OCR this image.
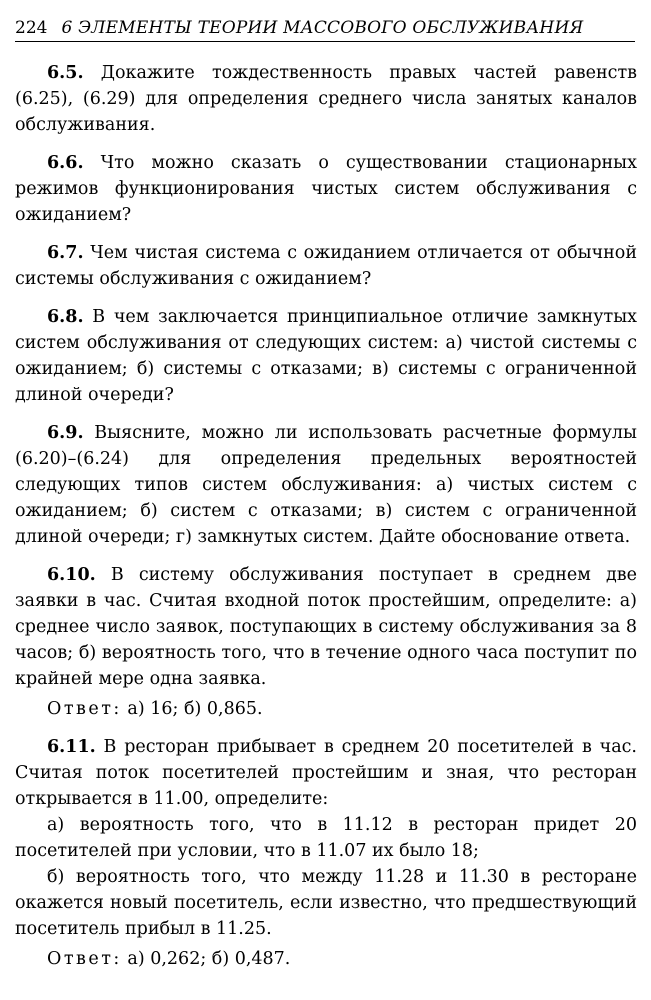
224 6 ЭЛЕМЕНТЫ ТЕОРИИ МАССОВОГО ОБСЛУЖИВАНИЯ

6.5. Докажите тождественность правых частей равенств (6.25), (6.29) для определения среднего числа занятых каналов обслуживания.

6.6. Что можно сказать о существовании стационарных режимов функционирования чистых систем обслуживания с ожиданием?

6.7. Чем чистая система с ожиданием отличается от обычной системы обслуживания с ожиданием?

6.8. В чем заключается принципиальное отличие замкнутых систем обслуживания от следующих систем: а) чистой системы с ожиданием; б) системы с отказами; в) системы с ограниченной длиной очереди?

6.9. Выясните, можно ли использовать расчетные формулы (6.20)–(6.24) для определения предельных вероятностей следующих типов систем обслуживания: а) чистых систем с ожиданием; б) систем с отказами; в) систем с ограниченной длиной очереди; г) замкнутых систем. Дайте обоснование ответа.

6.10. В систему обслуживания поступает в среднем две заявки в час. Считая входной поток простейшим, определите: а) среднее число заявок, поступающих в систему обслуживания за 8 часов; б) вероятность того, что в течение одного часа поступит по крайней мере одна заявка.

Ответ: а) 16; б) 0,865.

6.11. В ресторан прибывает в среднем 20 посетителей в час. Считая поток посетителей простейшим и зная, что ресторан открывается в 11.00, определите:

а) вероятность того, что в 11.12 в ресторан придет 20 посетителей при условии, что в 11.07 их было 18;

б) вероятность того, что между 11.28 и 11.30 в ресторане окажется новый посетитель, если известно, что предшествующий посетитель прибыл в 11.25.

Ответ: а) 0,262; б) 0,487.
